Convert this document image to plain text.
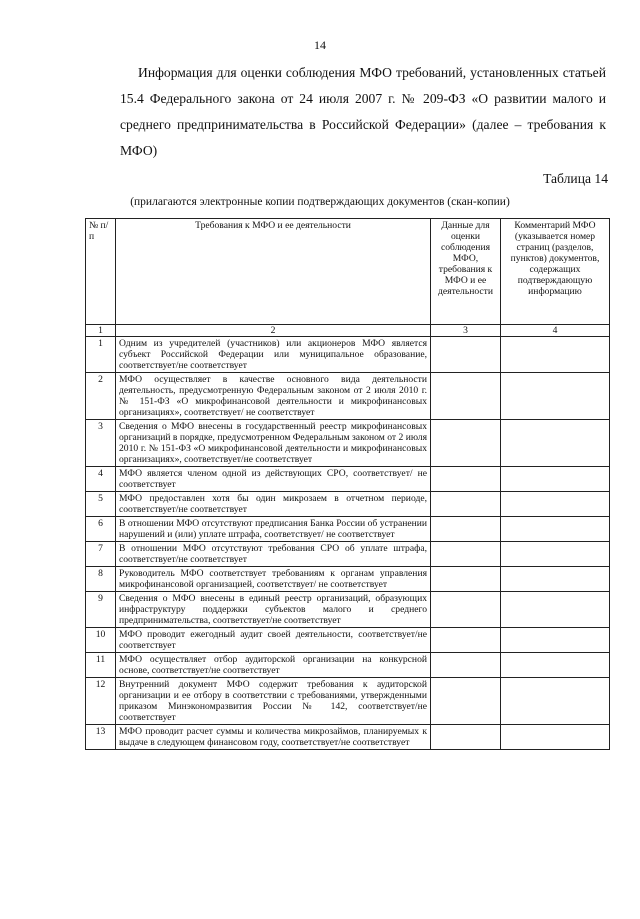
14
Информация для оценки соблюдения МФО требований, установленных статьей 15.4 Федерального закона от 24 июля 2007 г. № 209-ФЗ «О развитии малого и среднего предпринимательства в Российской Федерации» (далее – требования к МФО)
Таблица 14
(прилагаются электронные копии подтверждающих документов (скан-копии)
№ п/п	Требования к МФО и ее деятельности	Данные для оценки соблюдения МФО, требования к МФО и ее деятельности	Комментарий МФО (указывается номер страниц (разделов, пунктов) документов, содержащих подтверждающую информацию
1	2	3	4
1	Одним из учредителей (участников) или акционеров МФО является субъект Российской Федерации или муниципальное образование, соответствует/не соответствует		
2	МФО осуществляет в качестве основного вида деятельности деятельность, предусмотренную Федеральным законом от 2 июля 2010 г. № 151-ФЗ «О микрофинансовой деятельности и микрофинансовых организациях», соответствует/ не соответствует		
3	Сведения о МФО внесены в государственный реестр микрофинансовых организаций в порядке, предусмотренном Федеральным законом от 2 июля 2010 г. № 151-ФЗ «О микрофинансовой деятельности и микрофинансовых организациях», соответствует/не соответствует		
4	МФО является членом одной из действующих СРО, соответствует/ не соответствует		
5	МФО предоставлен хотя бы один микрозаем в отчетном периоде, соответствует/не соответствует		
6	В отношении МФО отсутствуют предписания Банка России об устранении нарушений и (или) уплате штрафа, соответствует/ не соответствует		
7	В отношении МФО отсутствуют требования СРО об уплате штрафа, соответствует/не соответствует		
8	Руководитель МФО соответствует требованиям к органам управления микрофинансовой организацией, соответствует/ не соответствует		
9	Сведения о МФО внесены в единый реестр организаций, образующих инфраструктуру поддержки субъектов малого и среднего предпринимательства, соответствует/не соответствует		
10	МФО проводит ежегодный аудит своей деятельности, соответствует/не соответствует		
11	МФО осуществляет отбор аудиторской организации на конкурсной основе, соответствует/не соответствует		
12	Внутренний документ МФО содержит требования к аудиторской организации и ее отбору в соответствии с требованиями, утвержденными приказом Минэкономразвития России № 142, соответствует/не соответствует		
13	МФО проводит расчет суммы и количества микрозаймов, планируемых к выдаче в следующем финансовом году, соответствует/не соответствует		
